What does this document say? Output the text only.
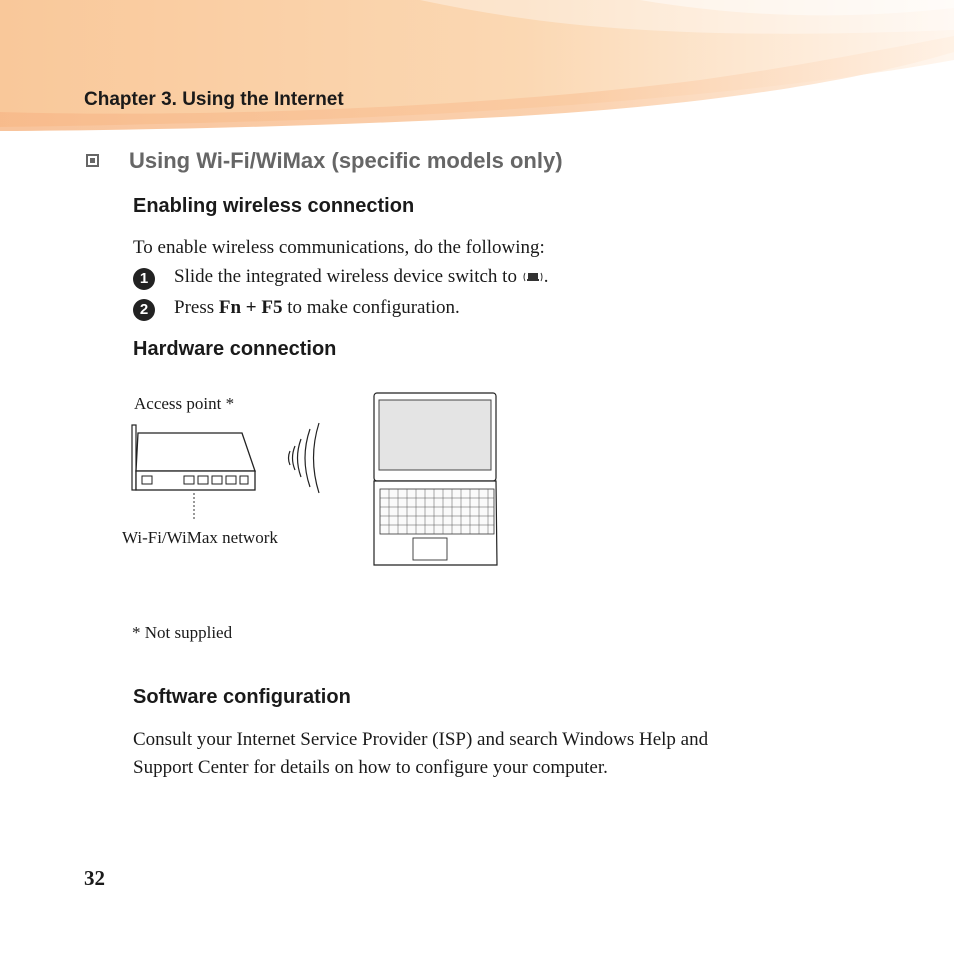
Chapter 3. Using the Internet
Using Wi-Fi/WiMax (specific models only)
Enabling wireless connection
To enable wireless communications, do the following:
1	Slide the integrated wireless device switch to .
2	Press Fn + F5 to make configuration.
Hardware connection
Access point *
Wi-Fi/WiMax network
* Not supplied
Software configuration
Consult your Internet Service Provider (ISP) and search Windows Help and
Support Center for details on how to configure your computer.
32
